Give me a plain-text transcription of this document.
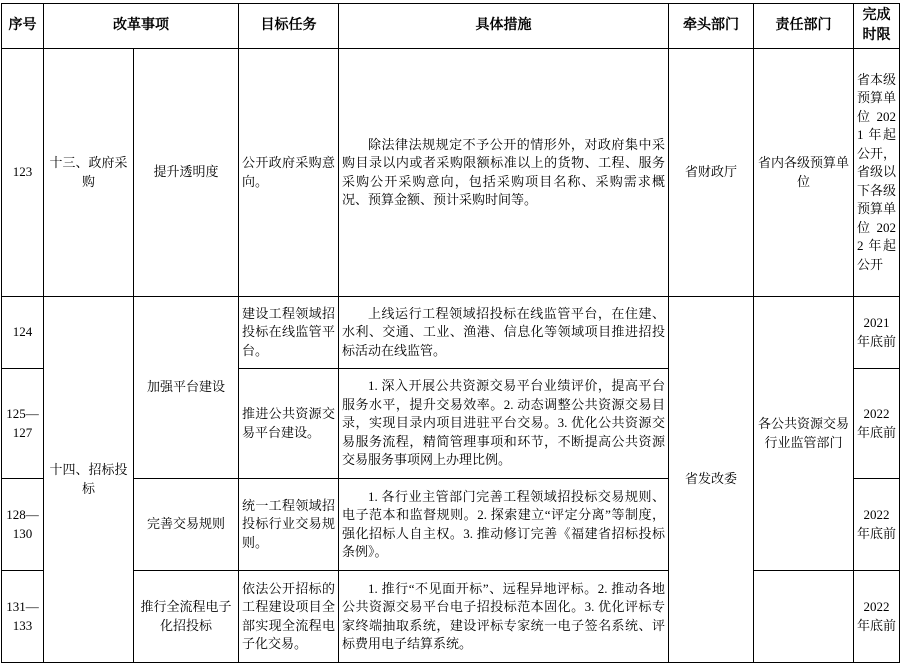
序号	改革事项		目标任务	具体措施	牵头部门	责任部门	完成时限
123	十三、政府采购	提升透明度	公开政府采购意向。	除法律法规规定不予公开的情形外，对政府集中采购目录以内或者采购限额标准以上的货物、工程、服务采购公开采购意向，包括采购项目名称、采购需求概况、预算金额、预计采购时间等。	省财政厅	省内各级预算单位	省本级预算单位 2021 年起公开，省级以下各级预算单位 2022 年起公开
124	十四、招标投标	加强平台建设	建设工程领域招投标在线监管平台。	上线运行工程领域招投标在线监管平台，在住建、水利、交通、工业、渔港、信息化等领域项目推进招投标活动在线监管。	省发改委	各公共资源交易行业监管部门	2021 年底前
125—127			推进公共资源交易平台建设。	1. 深入开展公共资源交易平台业绩评价，提高平台服务水平，提升交易效率。2. 动态调整公共资源交易目录，实现目录内项目进驻平台交易。3. 优化公共资源交易服务流程，精简管理事项和环节，不断提高公共资源交易服务事项网上办理比例。			2022 年底前
128—130		完善交易规则	统一工程领域招投标行业交易规则。	1. 各行业主管部门完善工程领域招投标交易规则、电子范本和监督规则。2. 探索建立“评定分离”等制度，强化招标人自主权。3. 推动修订完善《福建省招标投标条例》。			2022 年底前
131—133		推行全流程电子化招投标	依法公开招标的工程建设项目全部实现全流程电子化交易。	1. 推行“不见面开标”、远程异地评标。2. 推动各地公共资源交易平台电子招投标范本固化。3. 优化评标专家终端抽取系统，建设评标专家统一电子签名系统、评标费用电子结算系统。			2022 年底前
